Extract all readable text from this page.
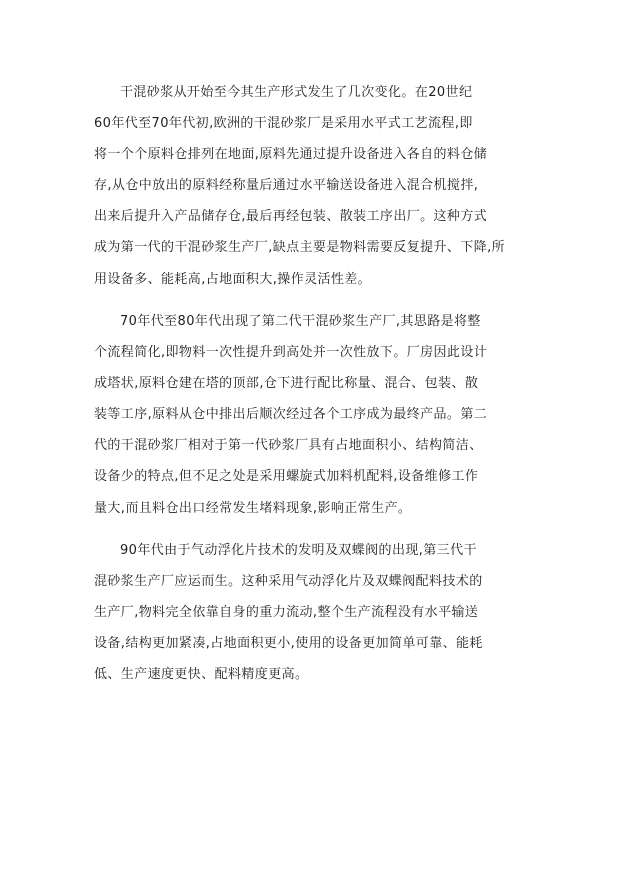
干混砂浆从开始至今其生产形式发生了几次变化。在20世纪
60年代至70年代初,欧洲的干混砂浆厂是采用水平式工艺流程,即
将一个个原料仓排列在地面,原料先通过提升设备进入各自的料仓储
存,从仓中放出的原料经称量后通过水平输送设备进入混合机搅拌,
出来后提升入产品储存仓,最后再经包装、散装工序出厂。这种方式
成为第一代的干混砂浆生产厂,缺点主要是物料需要反复提升、下降,所
用设备多、能耗高,占地面积大,操作灵活性差。
70年代至80年代出现了第二代干混砂浆生产厂,其思路是将整
个流程简化,即物料一次性提升到高处并一次性放下。厂房因此设计
成塔状,原料仓建在塔的顶部,仓下进行配比称量、混合、包装、散
装等工序,原料从仓中排出后顺次经过各个工序成为最终产品。第二
代的干混砂浆厂相对于第一代砂浆厂具有占地面积小、结构简洁、
设备少的特点,但不足之处是采用螺旋式加料机配料,设备维修工作
量大,而且料仓出口经常发生堵料现象,影响正常生产。
90年代由于气动浮化片技术的发明及双蝶阀的出现,第三代干
混砂浆生产厂应运而生。这种采用气动浮化片及双蝶阀配料技术的
生产厂,物料完全依靠自身的重力流动,整个生产流程没有水平输送
设备,结构更加紧凑,占地面积更小,使用的设备更加简单可靠、能耗
低、生产速度更快、配料精度更高。
